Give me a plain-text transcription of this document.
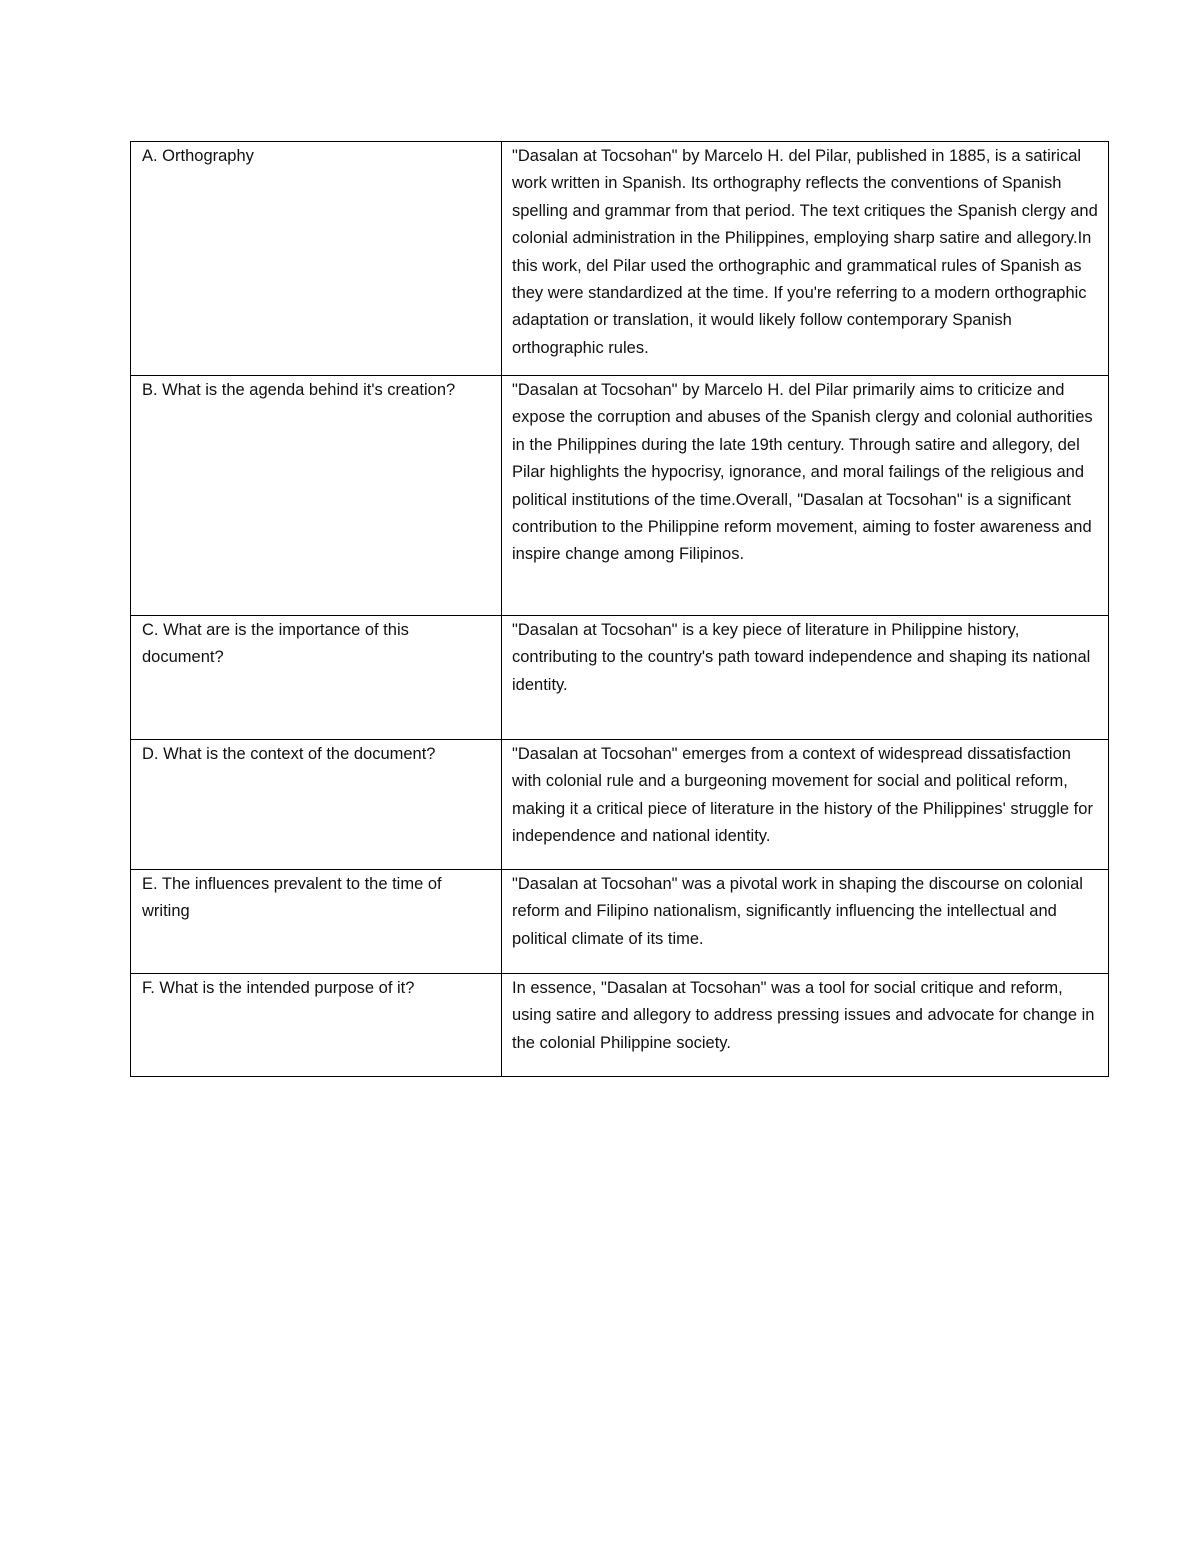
A. Orthography	"Dasalan at Tocsohan" by Marcelo H. del Pilar, published in 1885, is a satirical work written in Spanish. Its orthography reflects the conventions of Spanish spelling and grammar from that period. The text critiques the Spanish clergy and colonial administration in the Philippines, employing sharp satire and allegory.In this work, del Pilar used the orthographic and grammatical rules of Spanish as they were standardized at the time. If you're referring to a modern orthographic adaptation or translation, it would likely follow contemporary Spanish orthographic rules.
B. What is the agenda behind it's creation?	"Dasalan at Tocsohan" by Marcelo H. del Pilar primarily aims to criticize and expose the corruption and abuses of the Spanish clergy and colonial authorities in the Philippines during the late 19th century. Through satire and allegory, del Pilar highlights the hypocrisy, ignorance, and moral failings of the religious and political institutions of the time.Overall, "Dasalan at Tocsohan" is a significant contribution to the Philippine reform movement, aiming to foster awareness and inspire change among Filipinos.
C. What are is the importance of this document?	"Dasalan at Tocsohan" is a key piece of literature in Philippine history, contributing to the country's path toward independence and shaping its national identity.
D. What is the context of the document?	"Dasalan at Tocsohan" emerges from a context of widespread dissatisfaction with colonial rule and a burgeoning movement for social and political reform, making it a critical piece of literature in the history of the Philippines' struggle for independence and national identity.
E. The influences prevalent to the time of writing	"Dasalan at Tocsohan" was a pivotal work in shaping the discourse on colonial reform and Filipino nationalism, significantly influencing the intellectual and political climate of its time.
F. What is the intended purpose of it?	In essence, "Dasalan at Tocsohan" was a tool for social critique and reform, using satire and allegory to address pressing issues and advocate for change in the colonial Philippine society.
